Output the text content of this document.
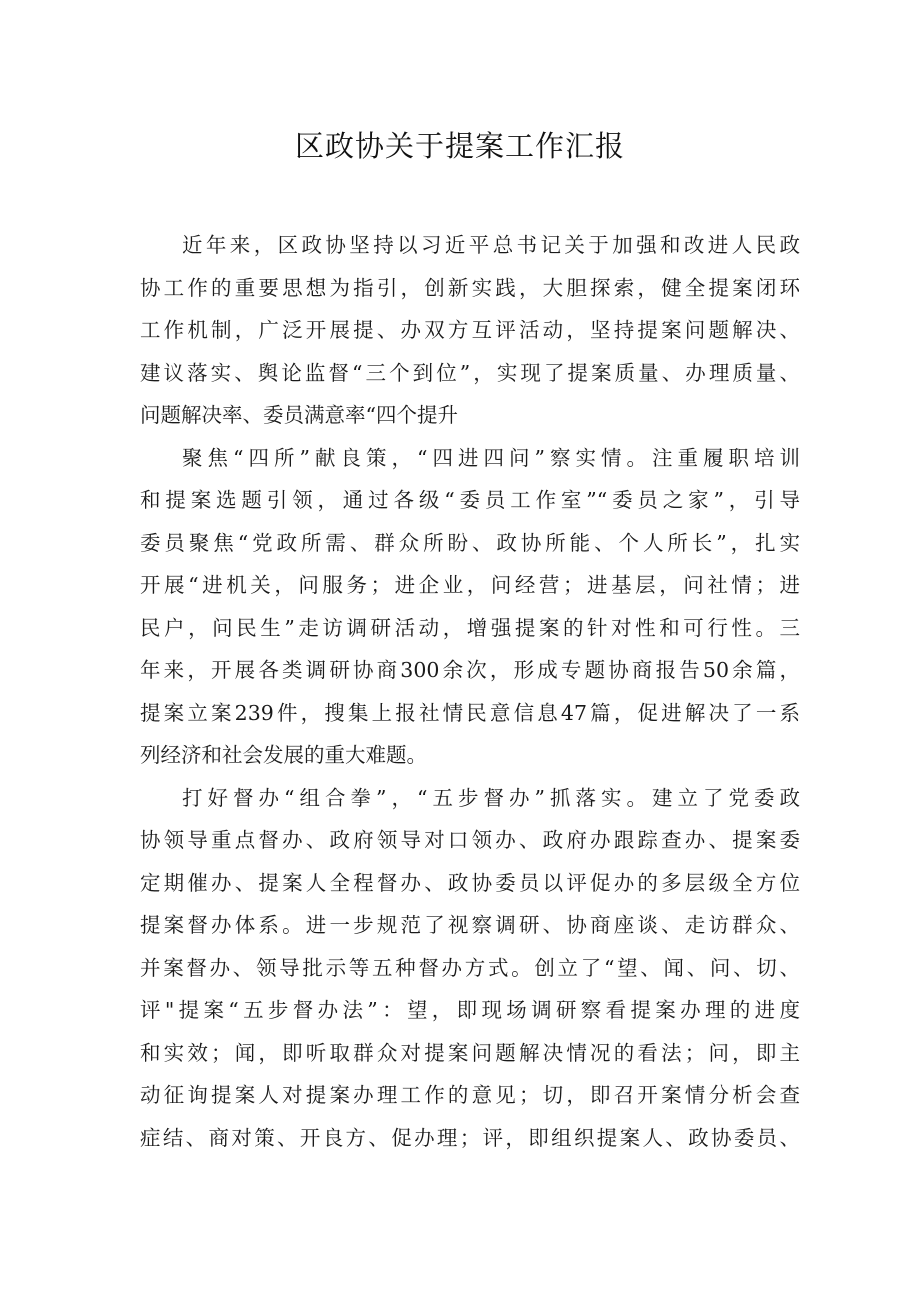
区政协关于提案工作汇报
近年来，区政协坚持以习近平总书记关于加强和改进人民政
协工作的重要思想为指引，创新实践，大胆探索，健全提案闭环
工作机制，广泛开展提、办双方互评活动，坚持提案问题解决、
建议落实、舆论监督“三个到位”，实现了提案质量、办理质量、
问题解决率、委员满意率“四个提升
聚焦“四所”献良策，“四进四问”察实情。注重履职培训
和提案选题引领，通过各级“委员工作室”“委员之家”，引导
委员聚焦“党政所需、群众所盼、政协所能、个人所长”，扎实
开展“进机关，问服务；进企业，问经营；进基层，问社情；进
民户，问民生”走访调研活动，增强提案的针对性和可行性。三
年来，开展各类调研协商300余次，形成专题协商报告50余篇，
提案立案239件，搜集上报社情民意信息47篇，促进解决了一系
列经济和社会发展的重大难题。
打好督办“组合拳”，“五步督办”抓落实。建立了党委政
协领导重点督办、政府领导对口领办、政府办跟踪查办、提案委
定期催办、提案人全程督办、政协委员以评促办的多层级全方位
提案督办体系。进一步规范了视察调研、协商座谈、走访群众、
并案督办、领导批示等五种督办方式。创立了“望、闻、问、切、
评"提案“五步督办法”：望，即现场调研察看提案办理的进度
和实效；闻，即听取群众对提案问题解决情况的看法；问，即主
动征询提案人对提案办理工作的意见；切，即召开案情分析会查
症结、商对策、开良方、促办理；评，即组织提案人、政协委员、
